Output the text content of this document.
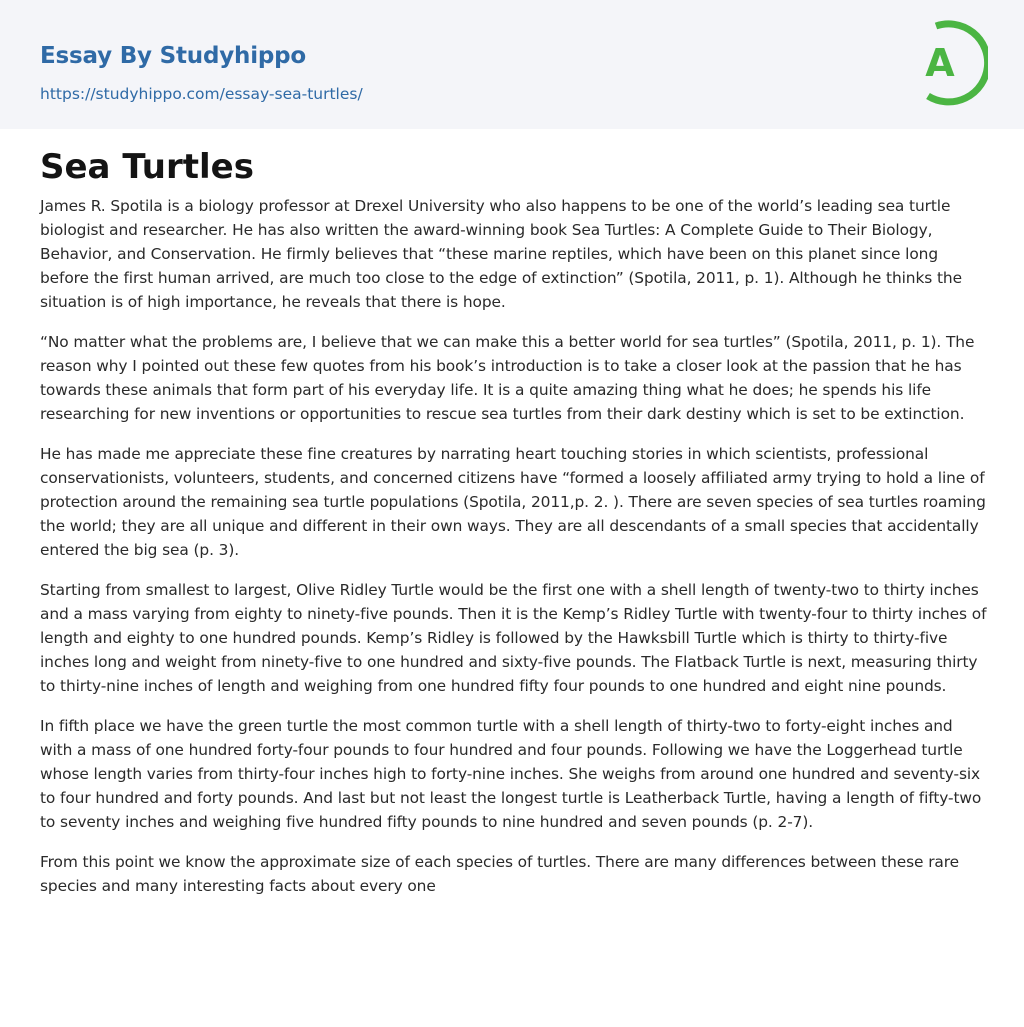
Essay By Studyhippo
https://studyhippo.com/essay-sea-turtles/
A
Sea Turtles

James R. Spotila is a biology professor at Drexel University who also happens to be one of the world’s leading sea turtle biologist and researcher. He has also written the award-winning book Sea Turtles: A Complete Guide to Their Biology, Behavior, and Conservation. He firmly believes that “these marine reptiles, which have been on this planet since long before the first human arrived, are much too close to the edge of extinction” (Spotila, 2011, p. 1). Although he thinks the situation is of high importance, he reveals that there is hope.

“No matter what the problems are, I believe that we can make this a better world for sea turtles” (Spotila, 2011, p. 1). The reason why I pointed out these few quotes from his book’s introduction is to take a closer look at the passion that he has towards these animals that form part of his everyday life. It is a quite amazing thing what he does; he spends his life researching for new inventions or opportunities to rescue sea turtles from their dark destiny which is set to be extinction.

He has made me appreciate these fine creatures by narrating heart touching stories in which scientists, professional conservationists, volunteers, students, and concerned citizens have “formed a loosely affiliated army trying to hold a line of protection around the remaining sea turtle populations (Spotila, 2011,p. 2. ). There are seven species of sea turtles roaming the world; they are all unique and different in their own ways. They are all descendants of a small species that accidentally entered the big sea (p. 3).

Starting from smallest to largest, Olive Ridley Turtle would be the first one with a shell length of twenty-two to thirty inches and a mass varying from eighty to ninety-five pounds. Then it is the Kemp’s Ridley Turtle with twenty-four to thirty inches of length and eighty to one hundred pounds. Kemp’s Ridley is followed by the Hawksbill Turtle which is thirty to thirty-five inches long and weight from ninety-five to one hundred and sixty-five pounds. The Flatback Turtle is next, measuring thirty to thirty-nine inches of length and weighing from one hundred fifty four pounds to one hundred and eight nine pounds.

In fifth place we have the green turtle the most common turtle with a shell length of thirty-two to forty-eight inches and with a mass of one hundred forty-four pounds to four hundred and four pounds. Following we have the Loggerhead turtle whose length varies from thirty-four inches high to forty-nine inches. She weighs from around one hundred and seventy-six to four hundred and forty pounds. And last but not least the longest turtle is Leatherback Turtle, having a length of fifty-two to seventy inches and weighing five hundred fifty pounds to nine hundred and seven pounds (p. 2-7).

From this point we know the approximate size of each species of turtles. There are many differences between these rare species and many interesting facts about every one
